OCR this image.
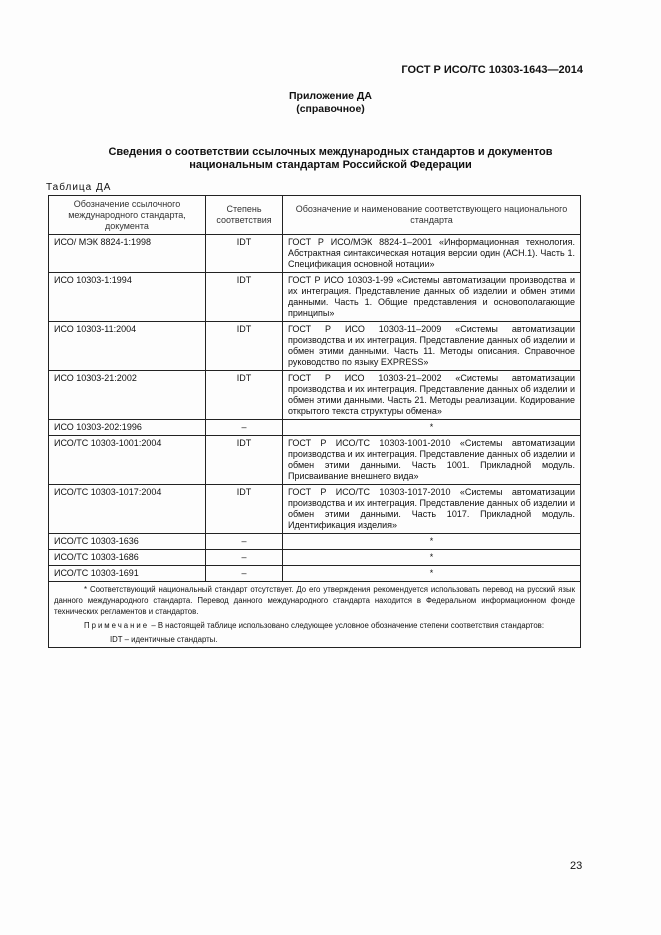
ГОСТ Р ИСО/ТС 10303-1643—2014
Приложение ДА
(справочное)
Сведения о соответствии ссылочных международных стандартов и документов
национальным стандартам Российской Федерации
Таблица ДА
Обозначение ссылочного международного стандарта, документа	Степень соответствия	Обозначение и наименование соответствующего национального стандарта
ИСО/ МЭК 8824-1:1998	IDT	ГОСТ Р ИСО/МЭК 8824-1–2001 «Информационная технология. Абстрактная синтаксическая нотация версии один (АСН.1). Часть 1. Спецификация основной нотации»
ИСО 10303-1:1994	IDT	ГОСТ Р ИСО 10303-1-99 «Системы автоматизации производства и их интеграция. Представление данных об изделии и обмен этими данными. Часть 1. Общие представления и основополагающие принципы»
ИСО 10303-11:2004	IDT	ГОСТ Р ИСО 10303-11–2009 «Системы автоматизации производства и их интеграция. Представление данных об изделии и обмен этими данными. Часть 11. Методы описания. Справочное руководство по языку EXPRESS»
ИСО 10303-21:2002	IDT	ГОСТ Р ИСО 10303-21–2002 «Системы автоматизации производства и их интеграция. Представление данных об изделии и обмен этими данными. Часть 21. Методы реализации. Кодирование открытого текста структуры обмена»
ИСО 10303-202:1996	–	*
ИСО/ТС 10303-1001:2004	IDT	ГОСТ Р ИСО/ТС 10303-1001-2010 «Системы автоматизации производства и их интеграция. Представление данных об изделии и обмен этими данными. Часть 1001. Прикладной модуль. Присваивание внешнего вида»
ИСО/ТС 10303-1017:2004	IDT	ГОСТ Р ИСО/ТС 10303-1017-2010 «Системы автоматизации производства и их интеграция. Представление данных об изделии и обмен этими данными. Часть 1017. Прикладной модуль. Идентификация изделия»
ИСО/ТС 10303-1636	–	*
ИСО/ТС 10303-1686	–	*
ИСО/ТС 10303-1691	–	*

* Соответствующий национальный стандарт отсутствует. До его утверждения рекомендуется использовать перевод на русский язык данного международного стандарта. Перевод данного международного стандарта находится в Федеральном информационном фонде технических регламентов и стандартов.
Примечание – В настоящей таблице использовано следующее условное обозначение степени соответствия стандартов:
IDT – идентичные стандарты.		
23
